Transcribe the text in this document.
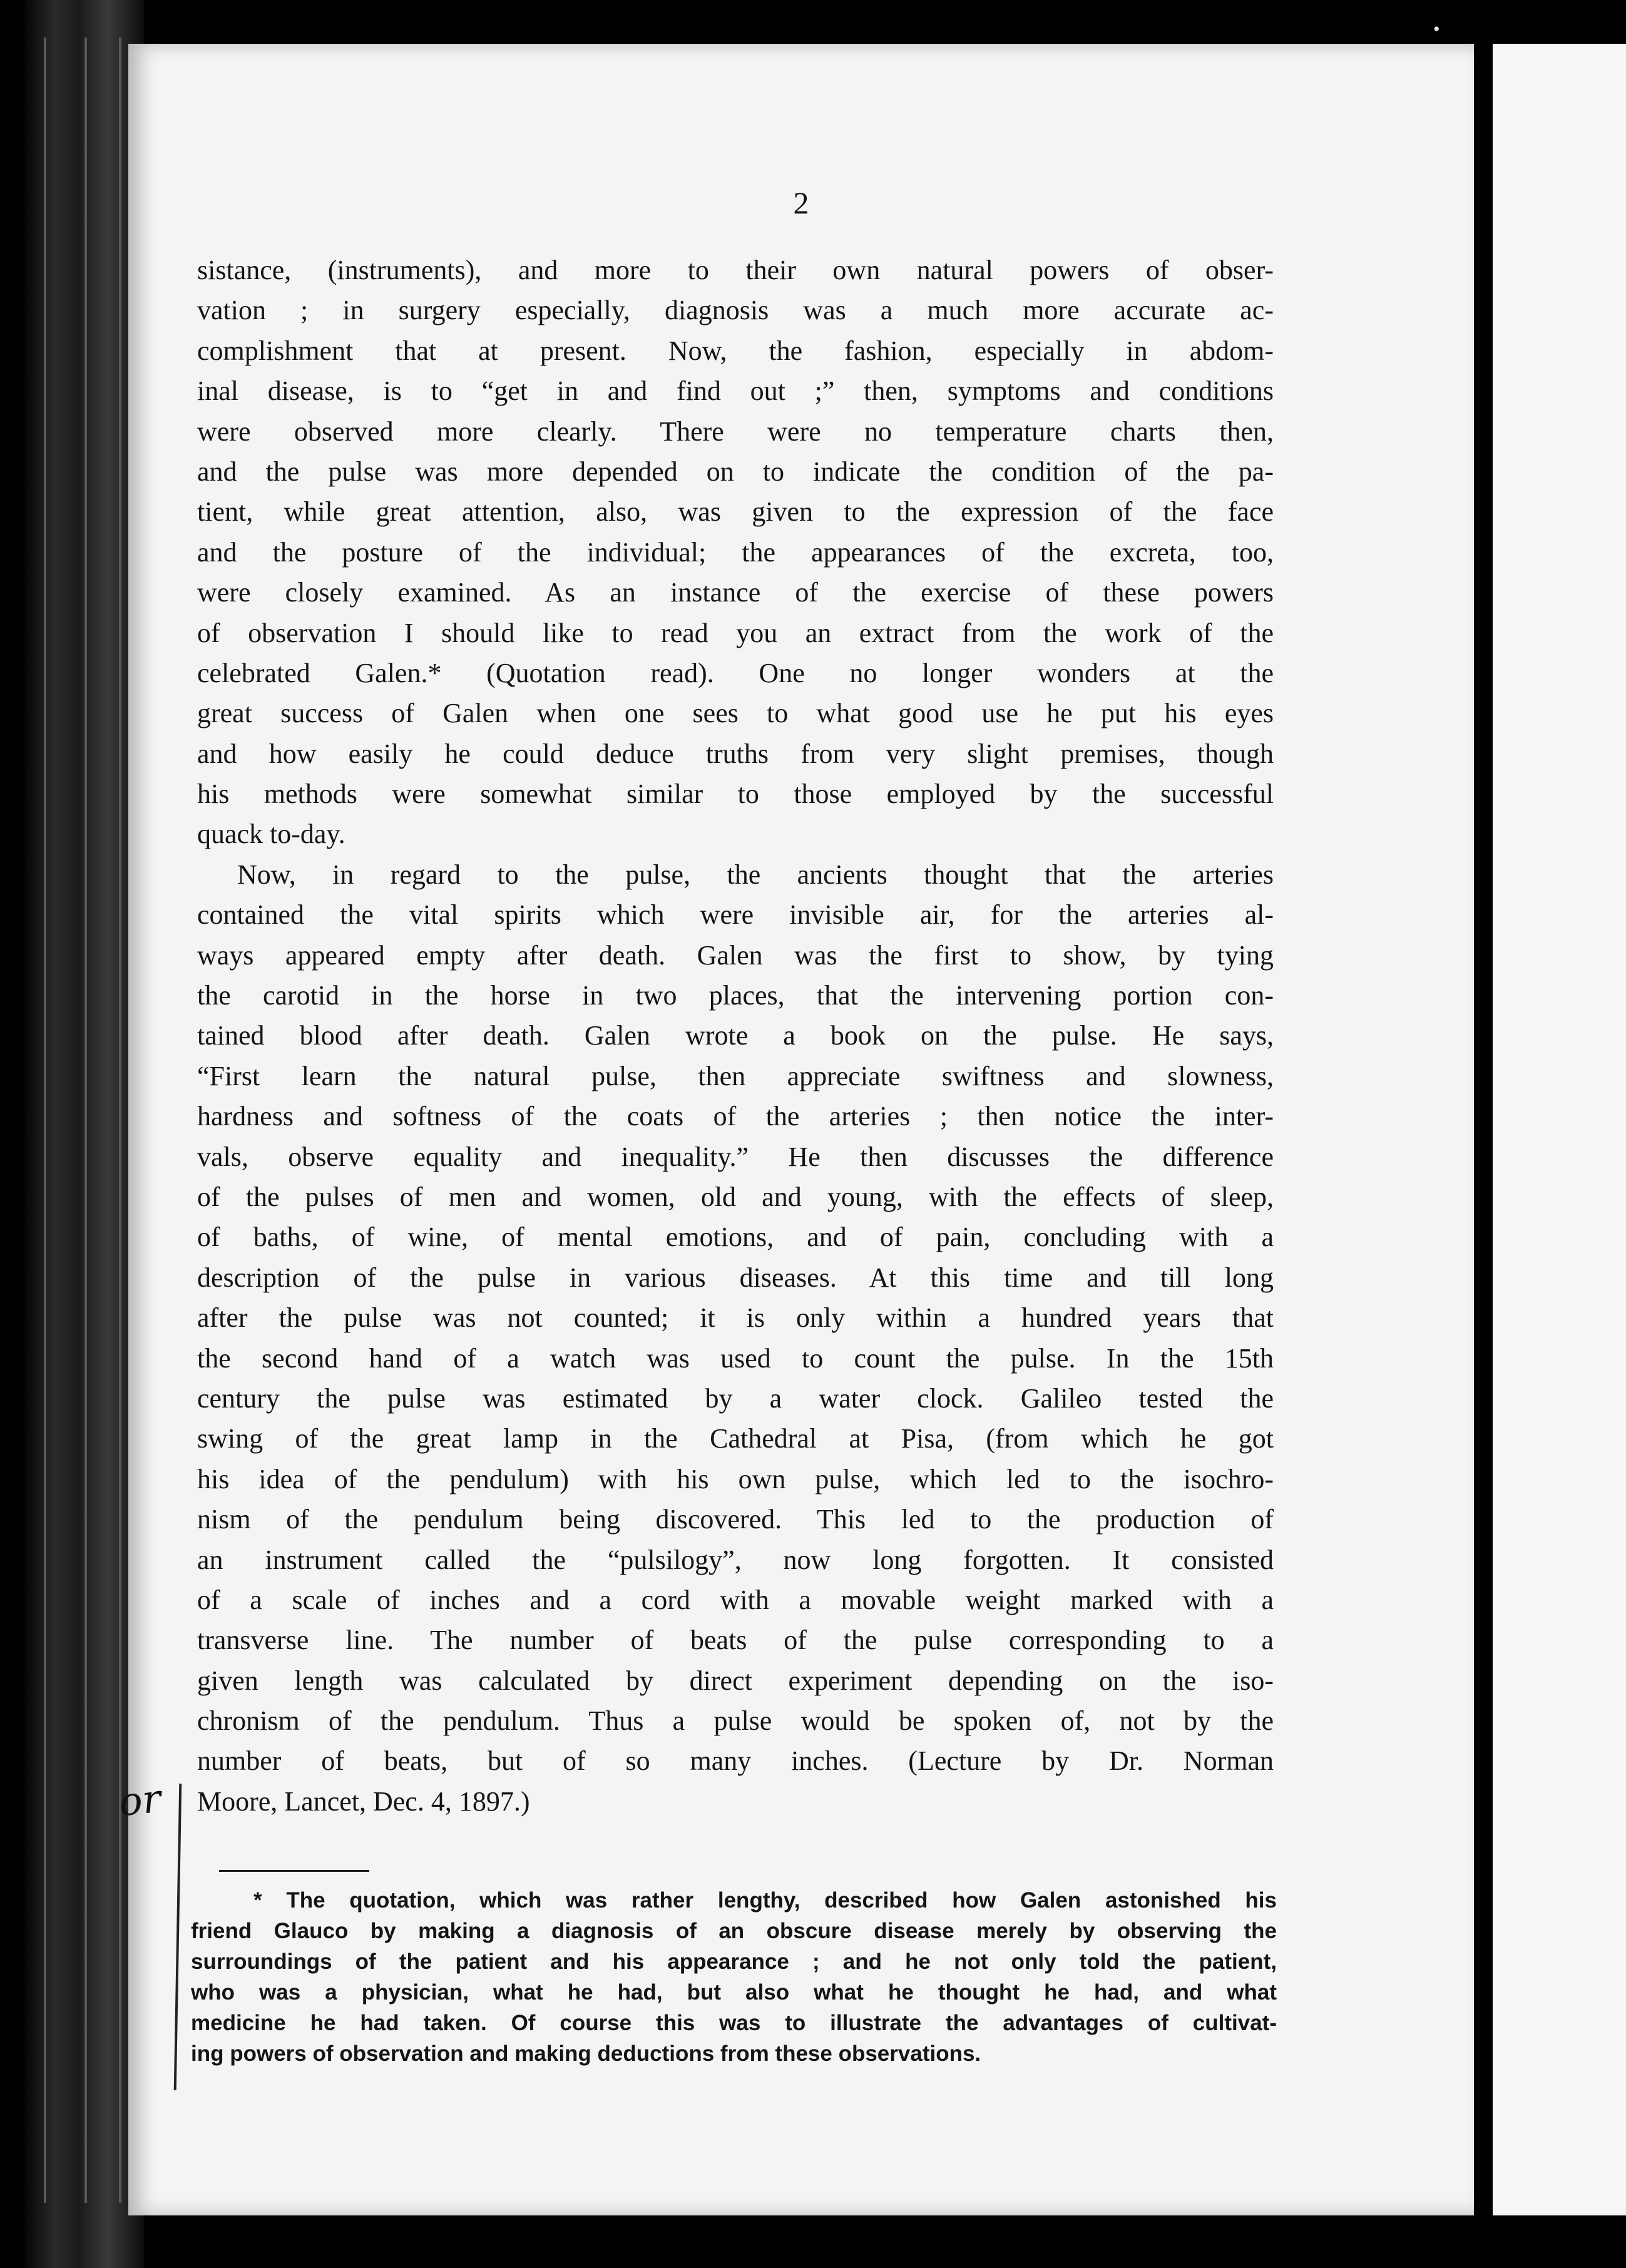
•
2
sistance, (instruments), and more to their own natural powers of obser-
vation ; in surgery especially, diagnosis was a much more accurate ac-
complishment that at present. Now, the fashion, especially in abdom-
inal disease, is to “get in and find out ;” then, symptoms and conditions
were observed more clearly. There were no temperature charts then,
and the pulse was more depended on to indicate the condition of the pa-
tient, while great attention, also, was given to the expression of the face
and the posture of the individual; the appearances of the excreta, too,
were closely examined. As an instance of the exercise of these powers
of observation I should like to read you an extract from the work of the
celebrated Galen.* (Quotation read). One no longer wonders at the
great success of Galen when one sees to what good use he put his eyes
and how easily he could deduce truths from very slight premises, though
his methods were somewhat similar to those employed by the successful
quack to-day.
Now, in regard to the pulse, the ancients thought that the arteries
contained the vital spirits which were invisible air, for the arteries al-
ways appeared empty after death. Galen was the first to show, by tying
the carotid in the horse in two places, that the intervening portion con-
tained blood after death. Galen wrote a book on the pulse. He says,
“First learn the natural pulse, then appreciate swiftness and slowness,
hardness and softness of the coats of the arteries ; then notice the inter-
vals, observe equality and inequality.” He then discusses the difference
of the pulses of men and women, old and young, with the effects of sleep,
of baths, of wine, of mental emotions, and of pain, concluding with a
description of the pulse in various diseases. At this time and till long
after the pulse was not counted; it is only within a hundred years that
the second hand of a watch was used to count the pulse. In the 15th
century the pulse was estimated by a water clock. Galileo tested the
swing of the great lamp in the Cathedral at Pisa, (from which he got
his idea of the pendulum) with his own pulse, which led to the isochro-
nism of the pendulum being discovered. This led to the production of
an instrument called the “pulsilogy”, now long forgotten. It consisted
of a scale of inches and a cord with a movable weight marked with a
transverse line. The number of beats of the pulse corresponding to a
given length was calculated by direct experiment depending on the iso-
chronism of the pendulum. Thus a pulse would be spoken of, not by the
number of beats, but of so many inches. (Lecture by Dr. Norman
Moore, Lancet, Dec. 4, 1897.)
* The quotation, which was rather lengthy, described how Galen astonished his
friend Glauco by making a diagnosis of an obscure disease merely by observing the
surroundings of the patient and his appearance ; and he not only told the patient,
who was a physician, what he had, but also what he thought he had, and what
medicine he had taken. Of course this was to illustrate the advantages of cultivat-
ing powers of observation and making deductions from these observations.
or
